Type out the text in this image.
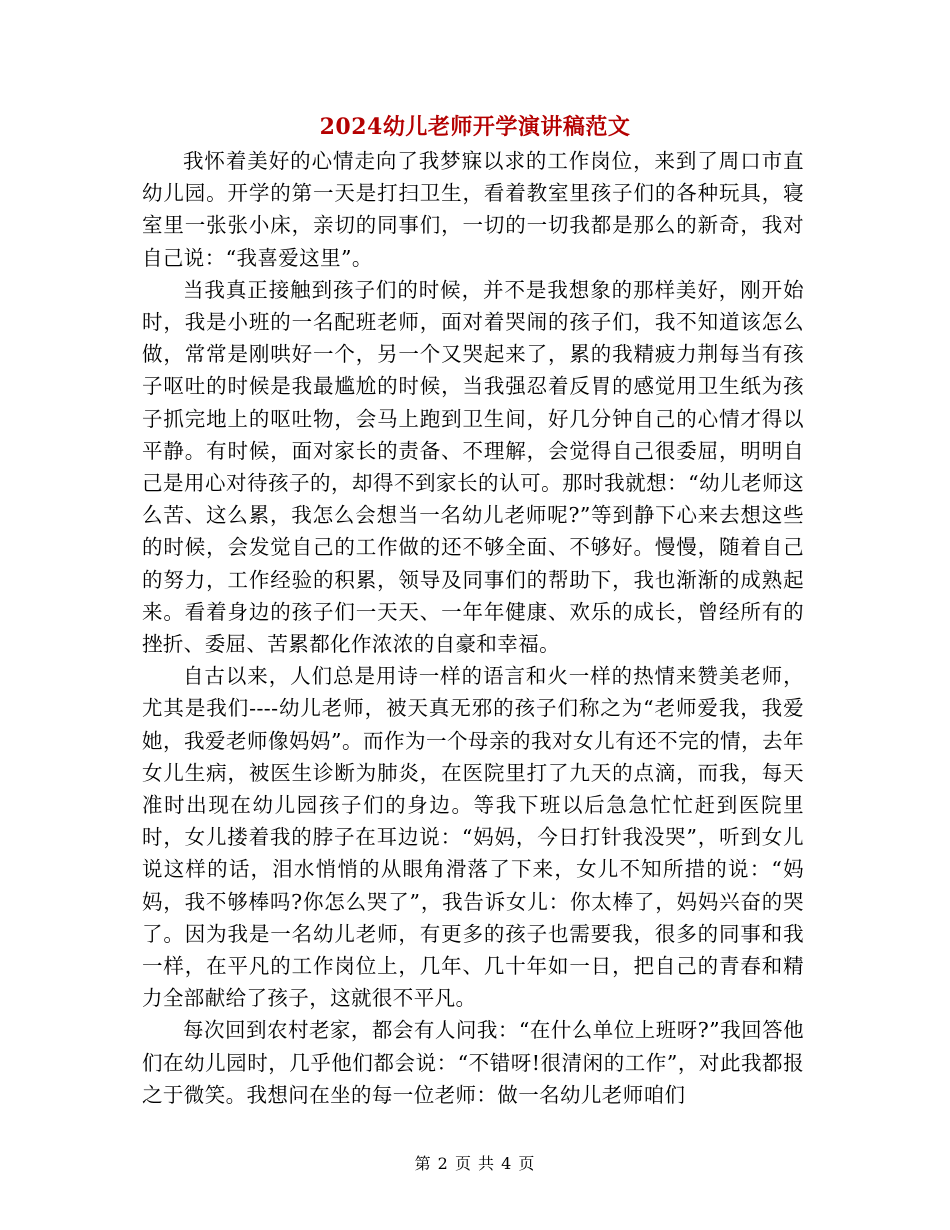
2024幼儿老师开学演讲稿范文

我怀着美好的心情走向了我梦寐以求的工作岗位，来到了周口市直幼儿园。开学的第一天是打扫卫生，看着教室里孩子们的各种玩具，寝室里一张张小床，亲切的同事们，一切的一切我都是那么的新奇，我对自己说：“我喜爱这里”。

当我真正接触到孩子们的时候，并不是我想象的那样美好，刚开始时，我是小班的一名配班老师，面对着哭闹的孩子们，我不知道该怎么做，常常是刚哄好一个，另一个又哭起来了，累的我精疲力荆每当有孩子呕吐的时候是我最尴尬的时候，当我强忍着反胃的感觉用卫生纸为孩子抓完地上的呕吐物，会马上跑到卫生间，好几分钟自己的心情才得以平静。有时候，面对家长的责备、不理解，会觉得自己很委屈，明明自己是用心对待孩子的，却得不到家长的认可。那时我就想：“幼儿老师这么苦、这么累，我怎么会想当一名幼儿老师呢?”等到静下心来去想这些的时候，会发觉自己的工作做的还不够全面、不够好。慢慢，随着自己的努力，工作经验的积累，领导及同事们的帮助下，我也渐渐的成熟起来。看着身边的孩子们一天天、一年年健康、欢乐的成长，曾经所有的挫折、委屈、苦累都化作浓浓的自豪和幸福。

自古以来，人们总是用诗一样的语言和火一样的热情来赞美老师，尤其是我们----幼儿老师，被天真无邪的孩子们称之为“老师爱我，我爱她，我爱老师像妈妈”。而作为一个母亲的我对女儿有还不完的情，去年女儿生病，被医生诊断为肺炎，在医院里打了九天的点滴，而我，每天准时出现在幼儿园孩子们的身边。等我下班以后急急忙忙赶到医院里时，女儿搂着我的脖子在耳边说：“妈妈，今日打针我没哭”，听到女儿说这样的话，泪水悄悄的从眼角滑落了下来，女儿不知所措的说：“妈妈，我不够棒吗?你怎么哭了”，我告诉女儿：你太棒了，妈妈兴奋的哭了。因为我是一名幼儿老师，有更多的孩子也需要我，很多的同事和我一样，在平凡的工作岗位上，几年、几十年如一日，把自己的青春和精力全部献给了孩子，这就很不平凡。

每次回到农村老家，都会有人问我：“在什么单位上班呀?”我回答他们在幼儿园时，几乎他们都会说：“不错呀!很清闲的工作”，对此我都报之于微笑。我想问在坐的每一位老师：做一名幼儿老师咱们

第 2 页 共 4 页
